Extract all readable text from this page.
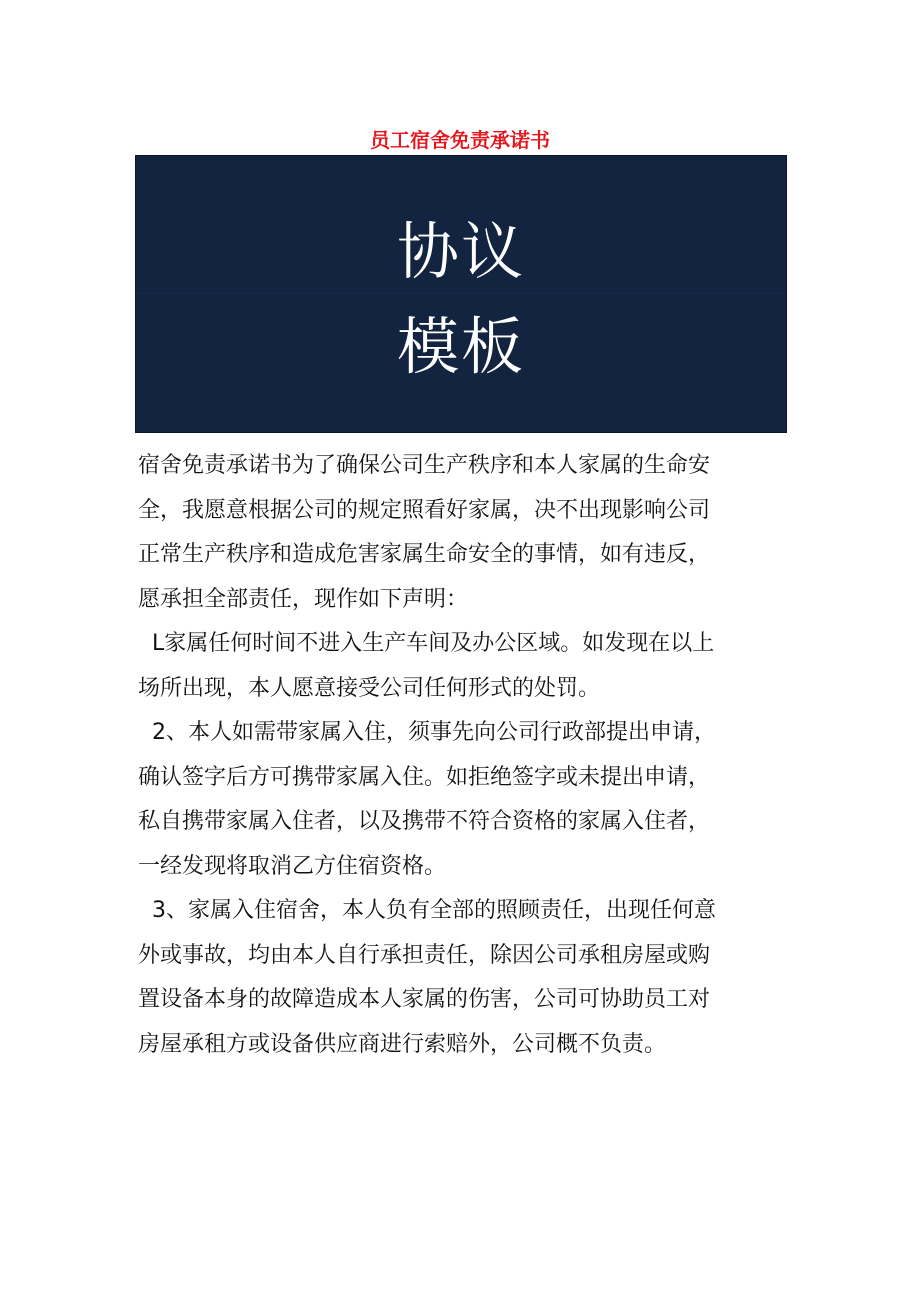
员工宿舍免责承诺书
协议
模板
宿舍免责承诺书为了确保公司生产秩序和本人家属的生命安
全，我愿意根据公司的规定照看好家属，决不出现影响公司
正常生产秩序和造成危害家属生命安全的事情，如有违反，
愿承担全部责任，现作如下声明：
L家属任何时间不进入生产车间及办公区域。如发现在以上
场所出现，本人愿意接受公司任何形式的处罚。
2、本人如需带家属入住，须事先向公司行政部提出申请，
确认签字后方可携带家属入住。如拒绝签字或未提出申请，
私自携带家属入住者，以及携带不符合资格的家属入住者，
一经发现将取消乙方住宿资格。
3、家属入住宿舍，本人负有全部的照顾责任，出现任何意
外或事故，均由本人自行承担责任，除因公司承租房屋或购
置设备本身的故障造成本人家属的伤害，公司可协助员工对
房屋承租方或设备供应商进行索赔外，公司概不负责。
